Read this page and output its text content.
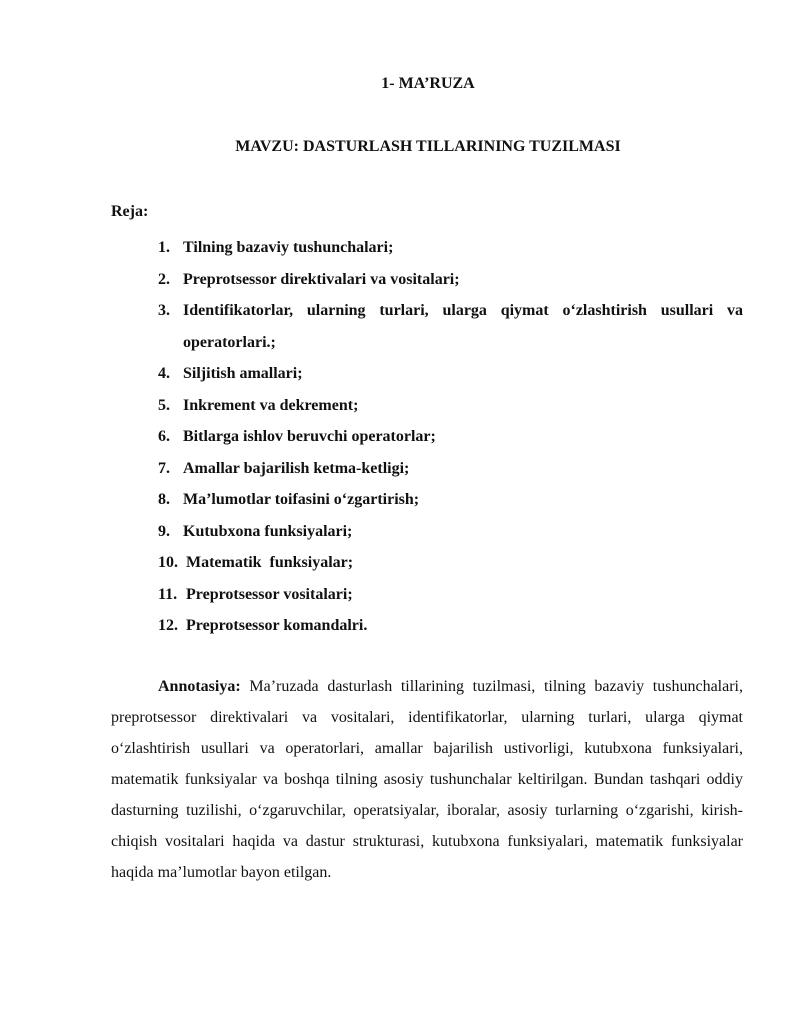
1- MA’RUZA
MAVZU: DASTURLASH TILLARINING TUZILMASI
Reja:
1. Tilning bazaviy tushunchalari;
2. Preprotsessor direktivalari va vositalari;
3. Identifikatorlar, ularning turlari, ularga qiymat o‘zlashtirish usullari va operatorlari.;
4. Siljitish amallari;
5. Inkrement va dekrement;
6. Bitlarga ishlov beruvchi operatorlar;
7. Amallar bajarilish ketma-ketligi;
8. Ma’lumotlar toifasini o‘zgartirish;
9. Kutubxona funksiyalari;
10. Matematik  funksiyalar;
11. Preprotsessor vositalari;
12. Preprotsessor komandalri.

Annotasiya: Ma’ruzada dasturlash tillarining tuzilmasi, tilning bazaviy tushunchalari, preprotsessor direktivalari va vositalari, identifikatorlar, ularning turlari, ularga qiymat o‘zlashtirish usullari va operatorlari, amallar bajarilish ustivorligi, kutubxona funksiyalari, matematik funksiyalar va boshqa tilning asosiy tushunchalar keltirilgan. Bundan tashqari oddiy dasturning tuzilishi, o‘zgaruvchilar, operatsiyalar, iboralar, asosiy turlarning o‘zgarishi, kirish-chiqish vositalari haqida va dastur strukturasi, kutubxona funksiyalari, matematik funksiyalar haqida ma’lumotlar bayon etilgan.
